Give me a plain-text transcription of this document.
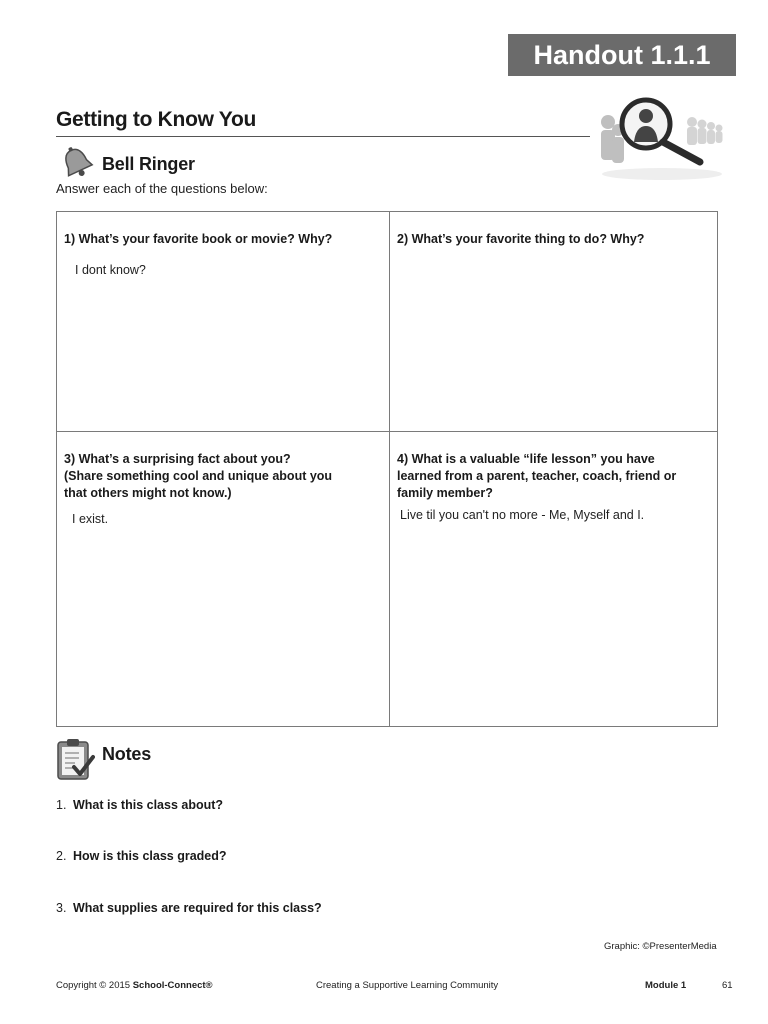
Handout 1.1.1
Getting to Know You
Bell Ringer
Answer each of the questions below:
1) What’s your favorite book or movie? Why?
I dont know?
2) What’s your favorite thing to do? Why?
3) What’s a surprising fact about you?
(Share something cool and unique about you
that others might not know.)
I exist.
4) What is a valuable “life lesson” you have
learned from a parent, teacher, coach, friend or
family member?
Live til you can't no more - Me, Myself and I.
Notes
1. What is this class about?
2. How is this class graded?
3. What supplies are required for this class?
Graphic: ©PresenterMedia
Copyright © 2015 School-Connect®	Creating a Supportive Learning Community	Module 1	61
